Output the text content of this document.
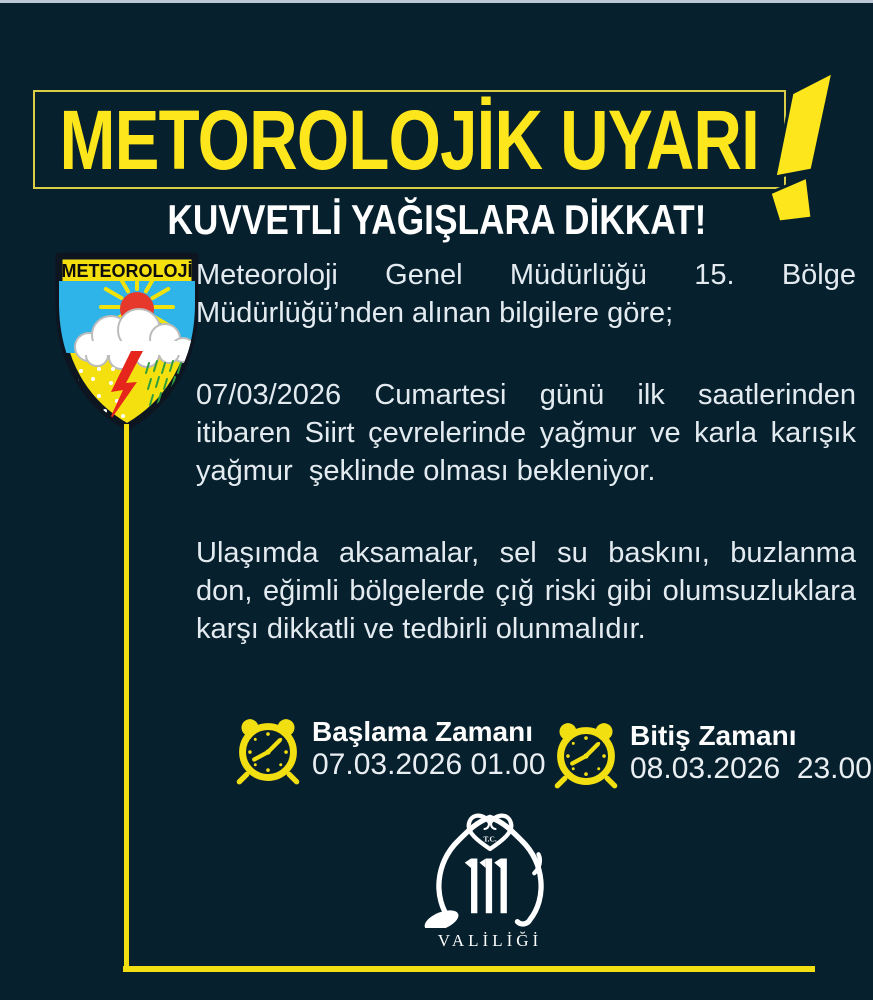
METOROLOJİK UYARI
KUVVETLİ YAĞIŞLARA DİKKAT!
METEOROLOJİ Meteoroloji Genel Müdürlüğü 15. Bölge Müdürlüğü’nden alınan bilgilere göre;

07/03/2026 Cumartesi günü ilk saatlerinden itibaren Siirt çevrelerinde yağmur ve karla karışık yağmur  şeklinde olması bekleniyor.

Ulaşımda aksamalar, sel su baskını, buzlanma don, eğimli bölgelerde çığ riski gibi olumsuzluklara karşı dikkatli ve tedbirli olunmalıdır.

Başlama Zamanı
07.03.2026 01.00
Bitiş Zamanı
08.03.2026  23.00
T.C.
VALİLİĞİ
